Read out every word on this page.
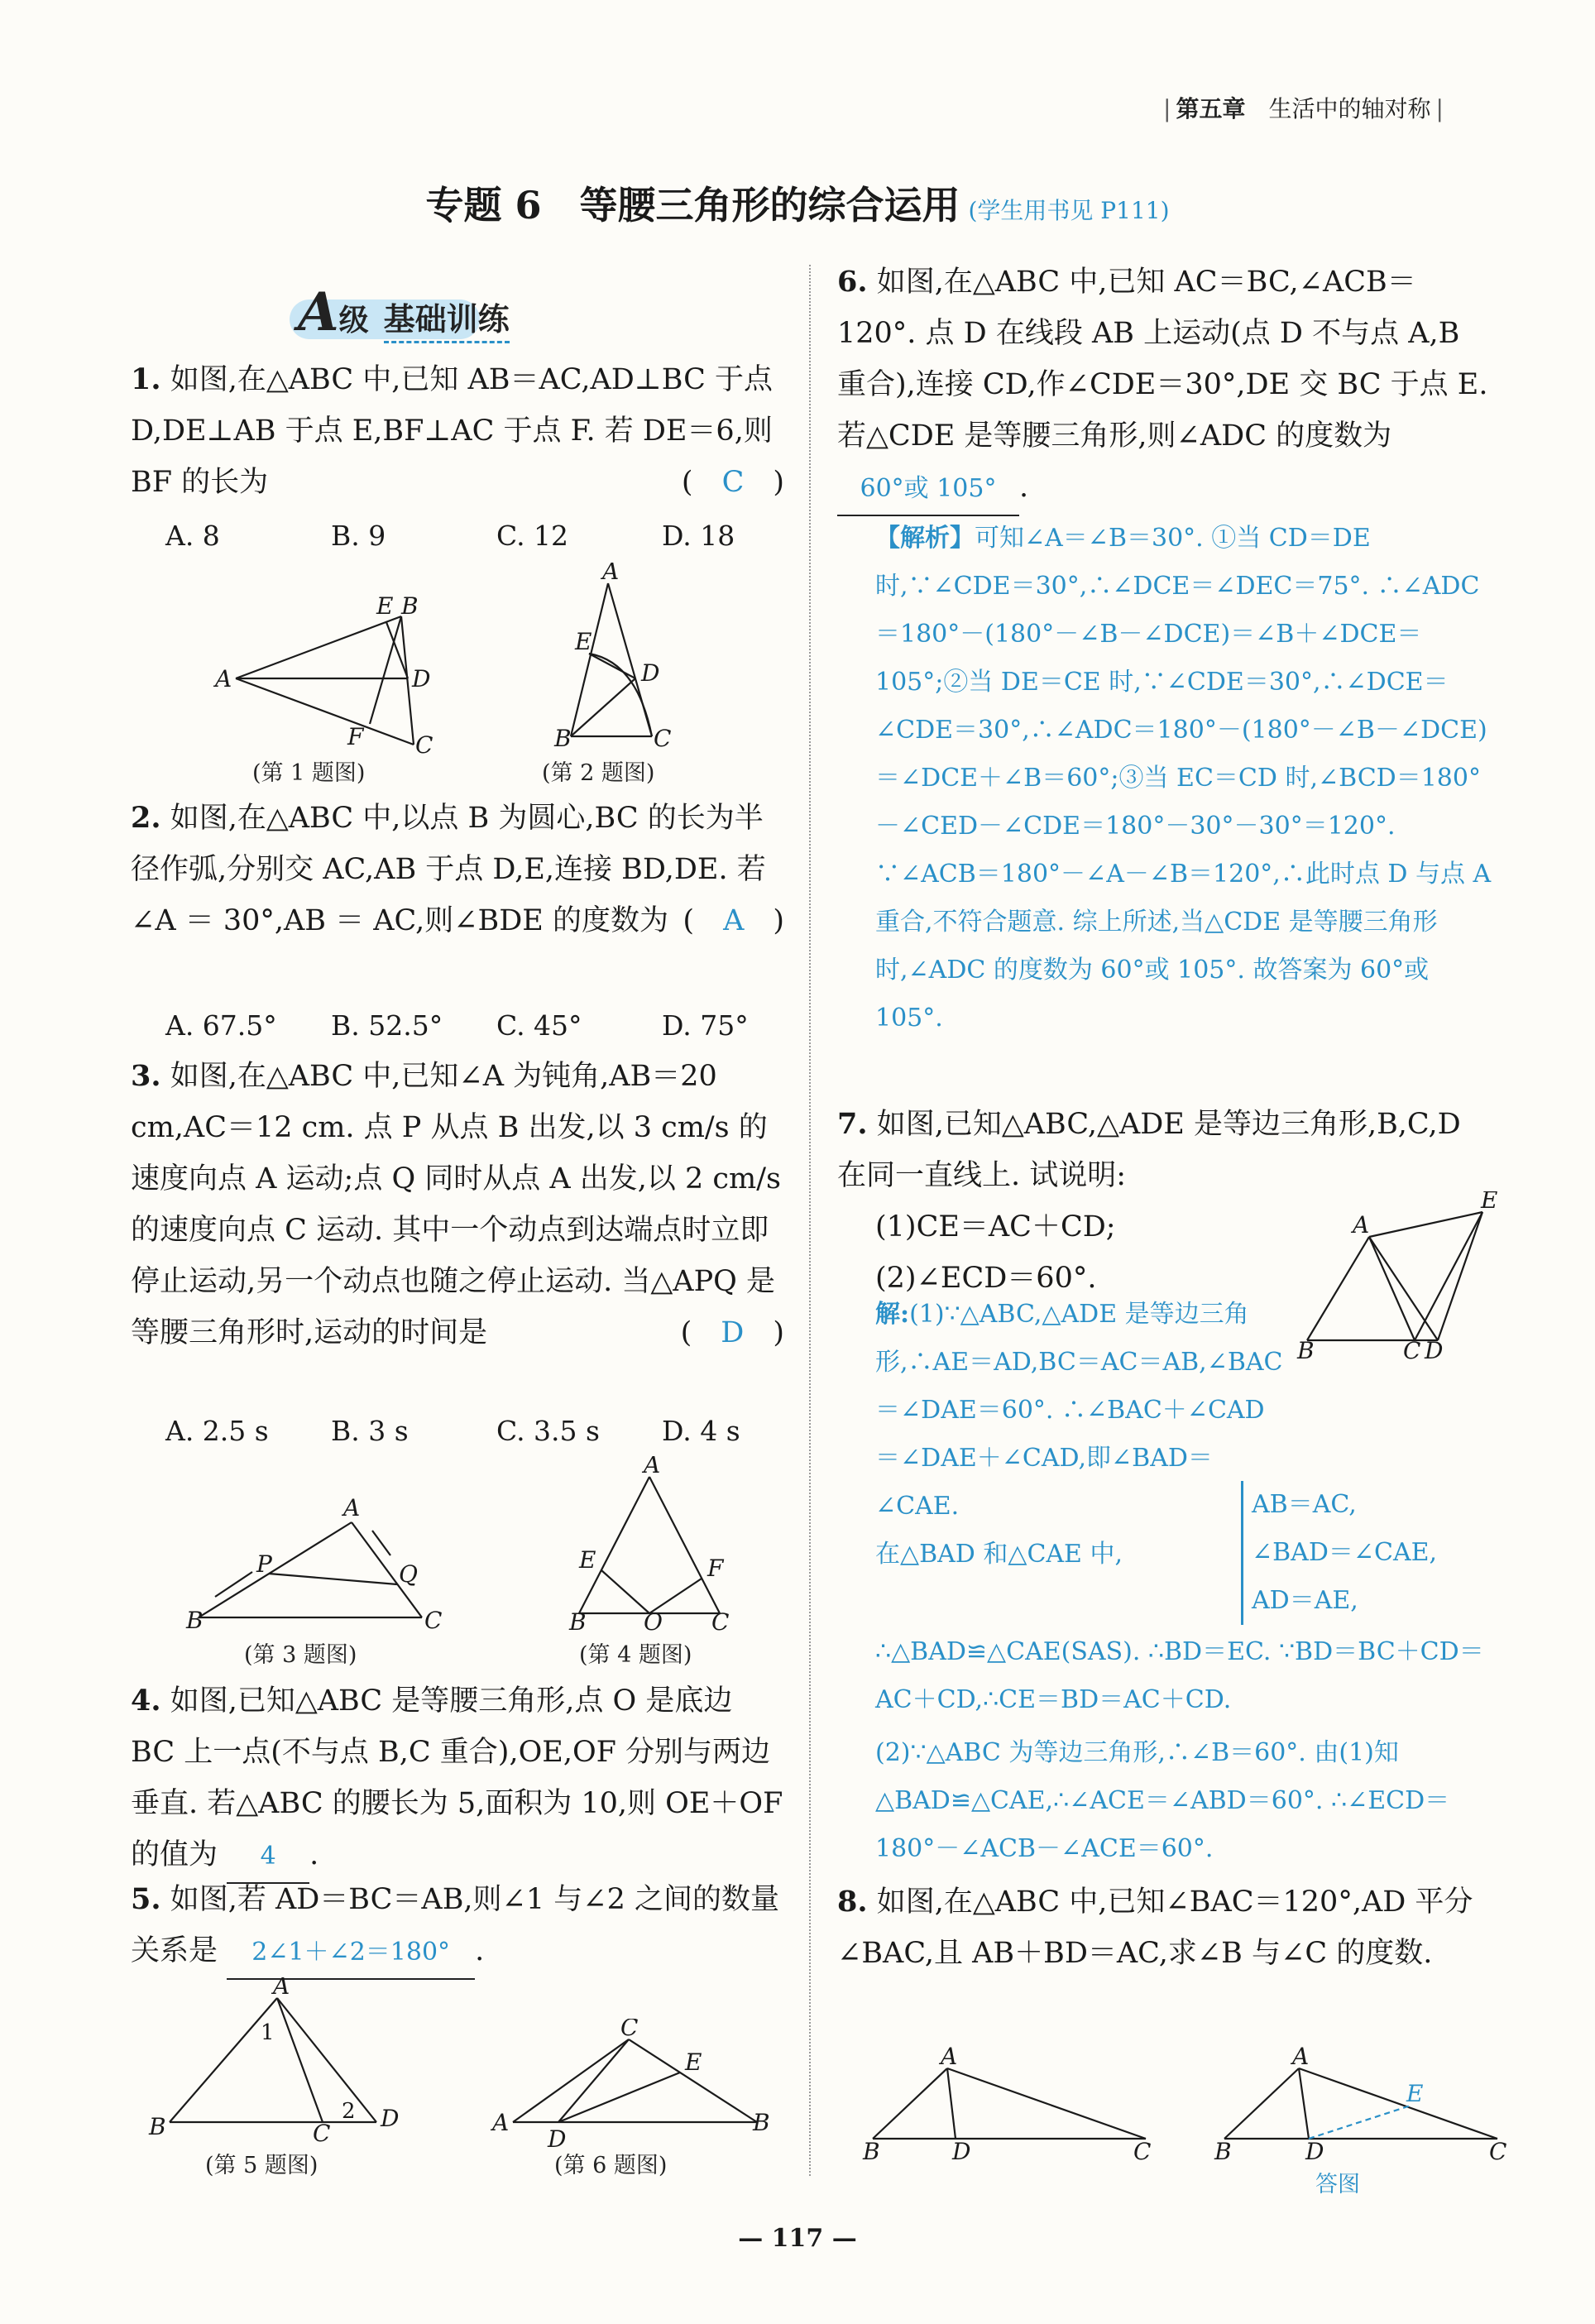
| 第五章　 生活中的轴对称 |
专题 6　等腰三角形的综合运用 (学生用书见 P111)
A级 基础训练
1. 如图,在△ABC 中,已知 AB＝AC,AD⊥BC 于点 D,DE⊥AB 于点 E,BF⊥AC 于点 F. 若 DE＝6,则 BF 的长为	(　C　)
A. 8	B. 9	C. 12	D. 18
A
B
E
D
C
F
(第 1 题图)
A
E
D
B	C
(第 2 题图)
2. 如图,在△ABC 中,以点 B 为圆心,BC 的长为半径作弧,分别交 AC,AB 于点 D,E,连接 BD,DE. 若 ∠A ＝ 30°,AB ＝ AC,则∠BDE 的度数为 (　A　)
A. 67.5° B. 52.5° C. 45°	D. 75°
3. 如图,在△ABC 中,已知∠A 为钝角,AB＝20 cm,AC＝12 cm. 点 P 从点 B 出发,以 3 cm/s 的速度向点 A 运动;点 Q 同时从点 A 出发,以 2 cm/s 的速度向点 C 运动. 其中一个动点到达端点时立即停止运动,另一个动点也随之停止运动. 当△APQ 是等腰三角形时,运动的时间是	(　D　)
A. 2.5 s B. 3 s	C. 3.5 s D. 4 s
A
P	Q
B	C
(第 3 题图)
A
E	F
B O C
(第 4 题图)
4. 如图,已知△ABC 是等腰三角形,点 O 是底边 BC 上一点(不与点 B,C 重合),OE,OF 分别与两边垂直. 若△ABC 的腰长为 5,面积为 10,则 OE＋OF 的值为 4 .
5. 如图,若 AD＝BC＝AB,则∠1 与∠2 之间的数量关系是 2∠1＋∠2＝180° .
A
1
2
B	C
D
(第 5 题图)
C
E
A
D
B
(第 6 题图)
6. 如图,在△ABC 中,已知 AC＝BC,∠ACB＝120°. 点 D 在线段 AB 上运动(点 D 不与点 A,B 重合),连接 CD,作∠CDE＝30°,DE 交 BC 于点 E. 若△CDE 是等腰三角形,则∠ADC 的度数为 60°或 105° .
【解析】可知∠A＝∠B＝30°. ①当 CD＝DE 时,∵∠CDE＝30°,∴∠DCE＝∠DEC＝75°. ∴∠ADC＝180°－(180°－∠B－∠DCE)＝∠B＋∠DCE＝105°;②当 DE＝CE 时,∵∠CDE＝30°,∴∠DCE＝∠CDE＝30°,∴∠ADC＝180°－(180°－∠B－∠DCE)＝∠DCE＋∠B＝60°;③当 EC＝CD 时,∠BCD＝180°－∠CED－∠CDE＝180°－30°－30°＝120°. ∵∠ACB＝180°－∠A－∠B＝120°,∴此时点 D 与点 A 重合,不符合题意. 综上所述,当△CDE 是等腰三角形时,∠ADC 的度数为 60°或 105°. 故答案为 60°或 105°.
7. 如图,已知△ABC,△ADE 是等边三角形,B,C,D 在同一直线上. 试说明:
(1)CE＝AC＋CD;
(2)∠ECD＝60°.
A
E
B	C D
解:(1)∵△ABC,△ADE 是等边三角形,∴AE＝AD,BC＝AC＝AB,∠BAC＝∠DAE＝60°. ∴∠BAC＋∠CAD＝∠DAE＋∠CAD,即∠BAD＝∠CAE.
在△BAD 和△CAE 中,
AB＝AC,
∠BAD＝∠CAE,
AD＝AE,
∴△BAD≌△CAE(SAS). ∴BD＝EC. ∵BD＝BC＋CD＝AC＋CD,∴CE＝BD＝AC＋CD.
(2)∵△ABC 为等边三角形,∴∠B＝60°. 由(1)知△BAD≌△CAE,∴∠ACE＝∠ABD＝60°. ∴∠ECD＝180°－∠ACB－∠ACE＝60°.
8. 如图,在△ABC 中,已知∠BAC＝120°,AD 平分∠BAC,且 AB＋BD＝AC,求∠B 与∠C 的度数.
A
B	D	C
A
E
B	D	C
答图
— 117 —
